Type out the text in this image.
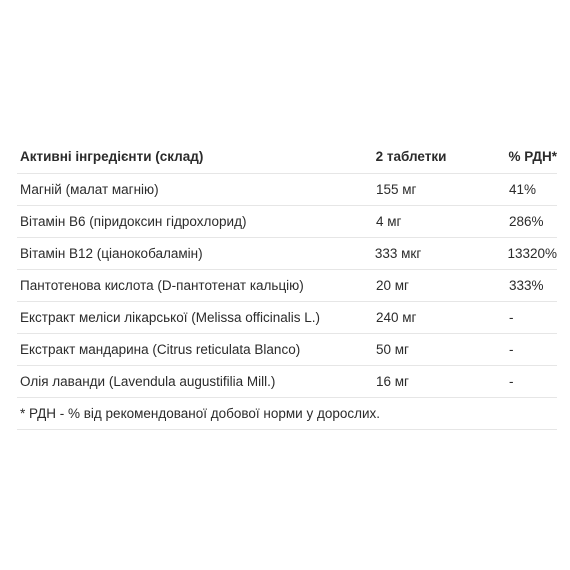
Активні інгредієнти (склад)	2 таблетки	% РДН*
Магній (малат магнію)	155 мг	41%
Вітамін В6 (піридоксин гідрохлорид)	4 мг	286%
Вітамін В12 (ціанокобаламін)	333 мкг	13320%
Пантотенова кислота (D-пантотенат кальцію)	20 мг	333%
Екстракт меліси лікарської (Melissa officinalis L.)	240 мг	-
Екстракт мандарина (Citrus reticulata Blanco)	50 мг	-
Олія лаванди (Lavendula augustifilia Mill.)	16 мг	-
* РДН - % від рекомендованої добової норми у дорослих.
